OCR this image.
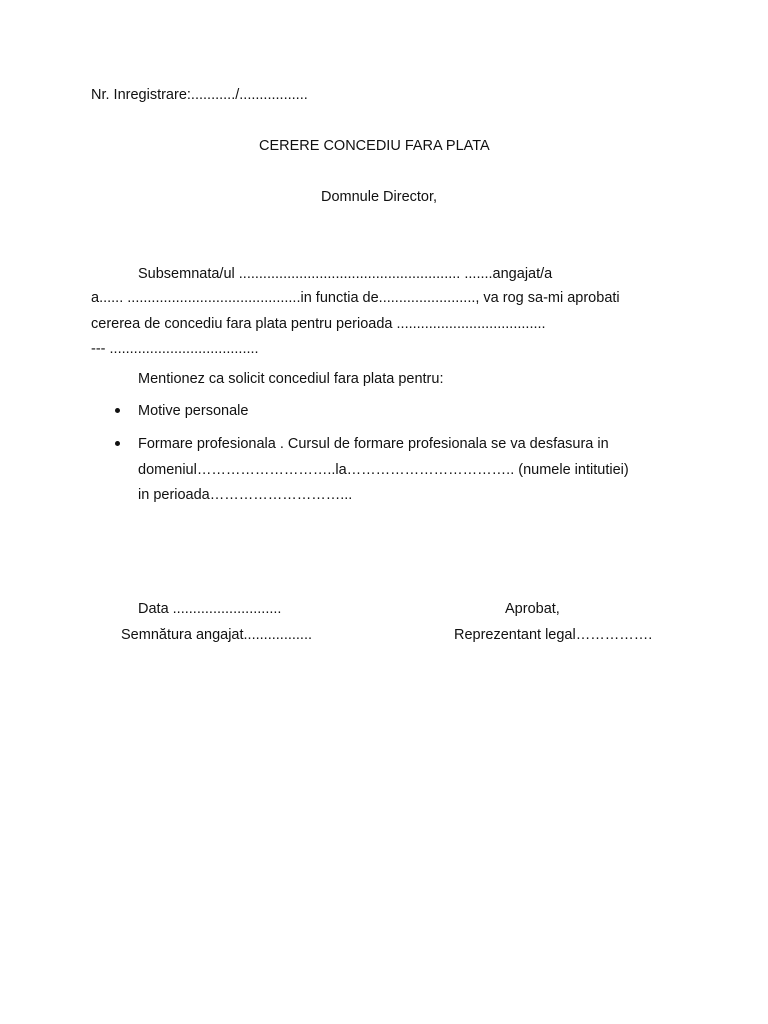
Nr. Inregistrare:.........../.................
CERERE CONCEDIU FARA PLATA
Domnule Director,
Subsemnata/ul ....................................................... .......angajat/a
a...... ...........................................in functia de........................, va rog sa-mi aprobati
cererea de concediu fara plata pentru perioada .....................................
--- .....................................
Mentionez ca solicit concediul fara plata pentru:
Motive personale
Formare profesionala . Cursul de formare profesionala se va desfasura in
domeniul………………………..la…………………………….. (numele intitutiei)
in perioada………………………...
Data ...........................	Aprobat,
Semnătura angajat.................	Reprezentant legal…………….
